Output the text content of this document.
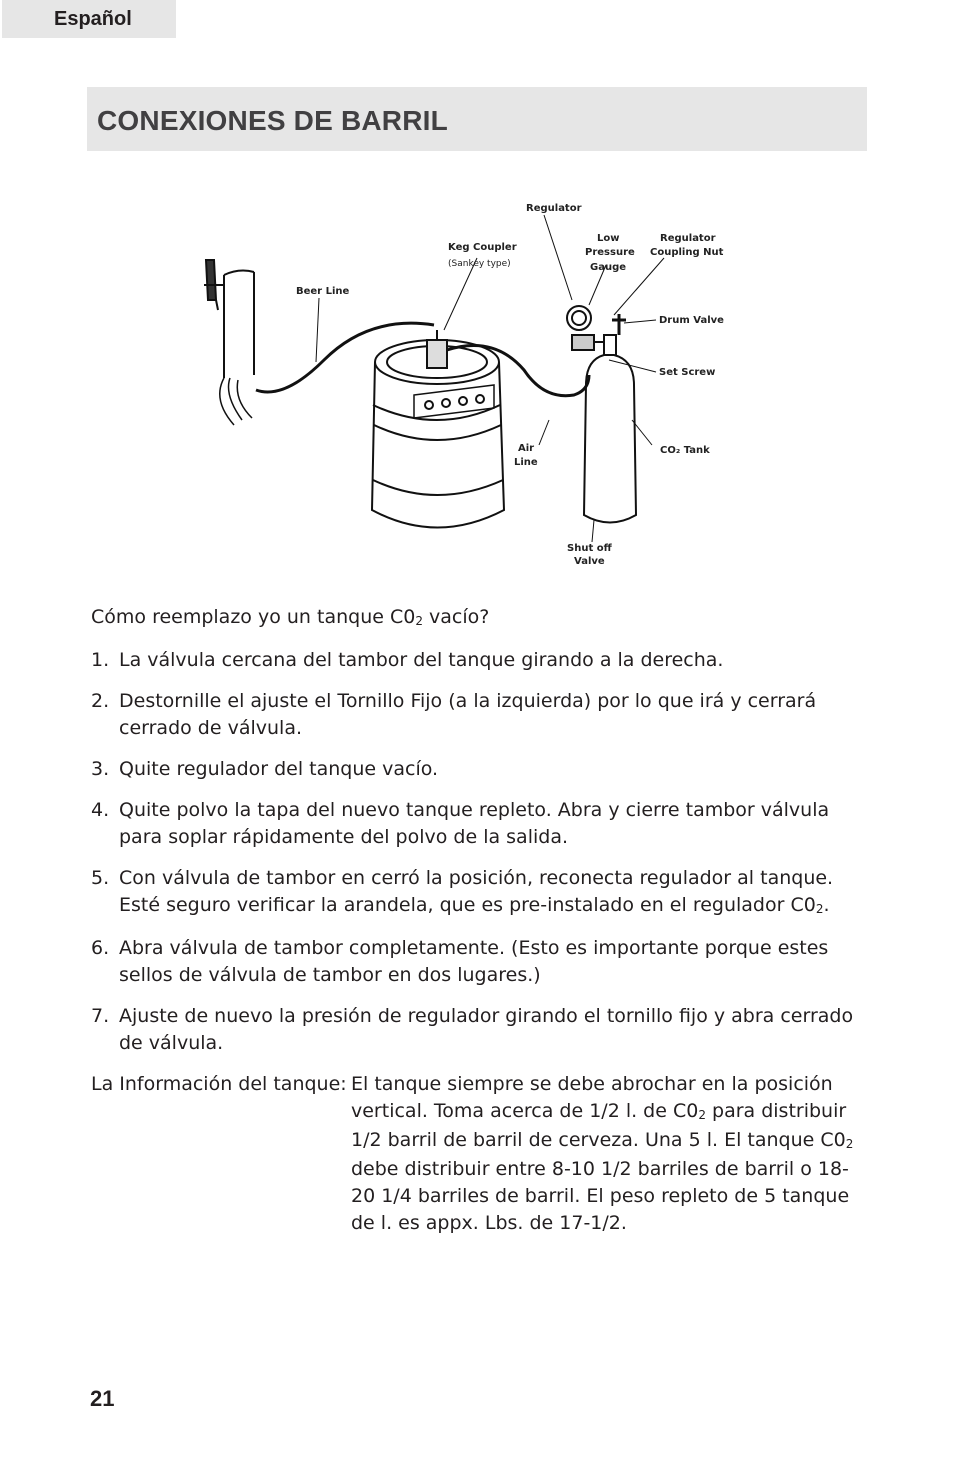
Español
CONEXIONES DE BARRIL
Regulator
Keg Coupler
(Sankey type)
Low
Pressure
Gauge
Regulator
Coupling Nut
Beer Line
Drum Valve
Set Screw
Air
Line
CO₂ Tank
Shut off
Valve

Cómo reemplazo yo un tanque $C0_2$ vacío?

1. La válvula cercana del tambor del tanque girando a la derecha.
2. Destornille el ajuste el Tornillo Fijo (a la izquierda) por lo que irá y cerrará cerrado de válvula.
3. Quite regulador del tanque vacío.
4. Quite polvo la tapa del nuevo tanque repleto. Abra y cierre tambor válvula para soplar rápidamente del polvo de la salida.
5. Con válvula de tambor en cerró la posición, reconecta regulador al tanque. Esté seguro verificar la arandela, que es pre-instalado en el regulador $C0_2$.
6. Abra válvula de tambor completamente. (Esto es importante porque estes sellos de válvula de tambor en dos lugares.)
7. Ajuste de nuevo la presión de regulador girando el tornillo fijo y abra cerrado de válvula.
La Información del tanque: El tanque siempre se debe abrochar en la posición vertical. Toma acerca de 1/2 l. de $C0_2$ para distribuir 1/2 barril de barril de cerveza. Una 5 l. El tanque $C0_2$ debe distribuir entre 8-10 1/2 barriles de barril o 18-20 1/4 barriles de barril. El peso repleto de 5 tanque de l. es appx. Lbs. de 17-1/2.
21
